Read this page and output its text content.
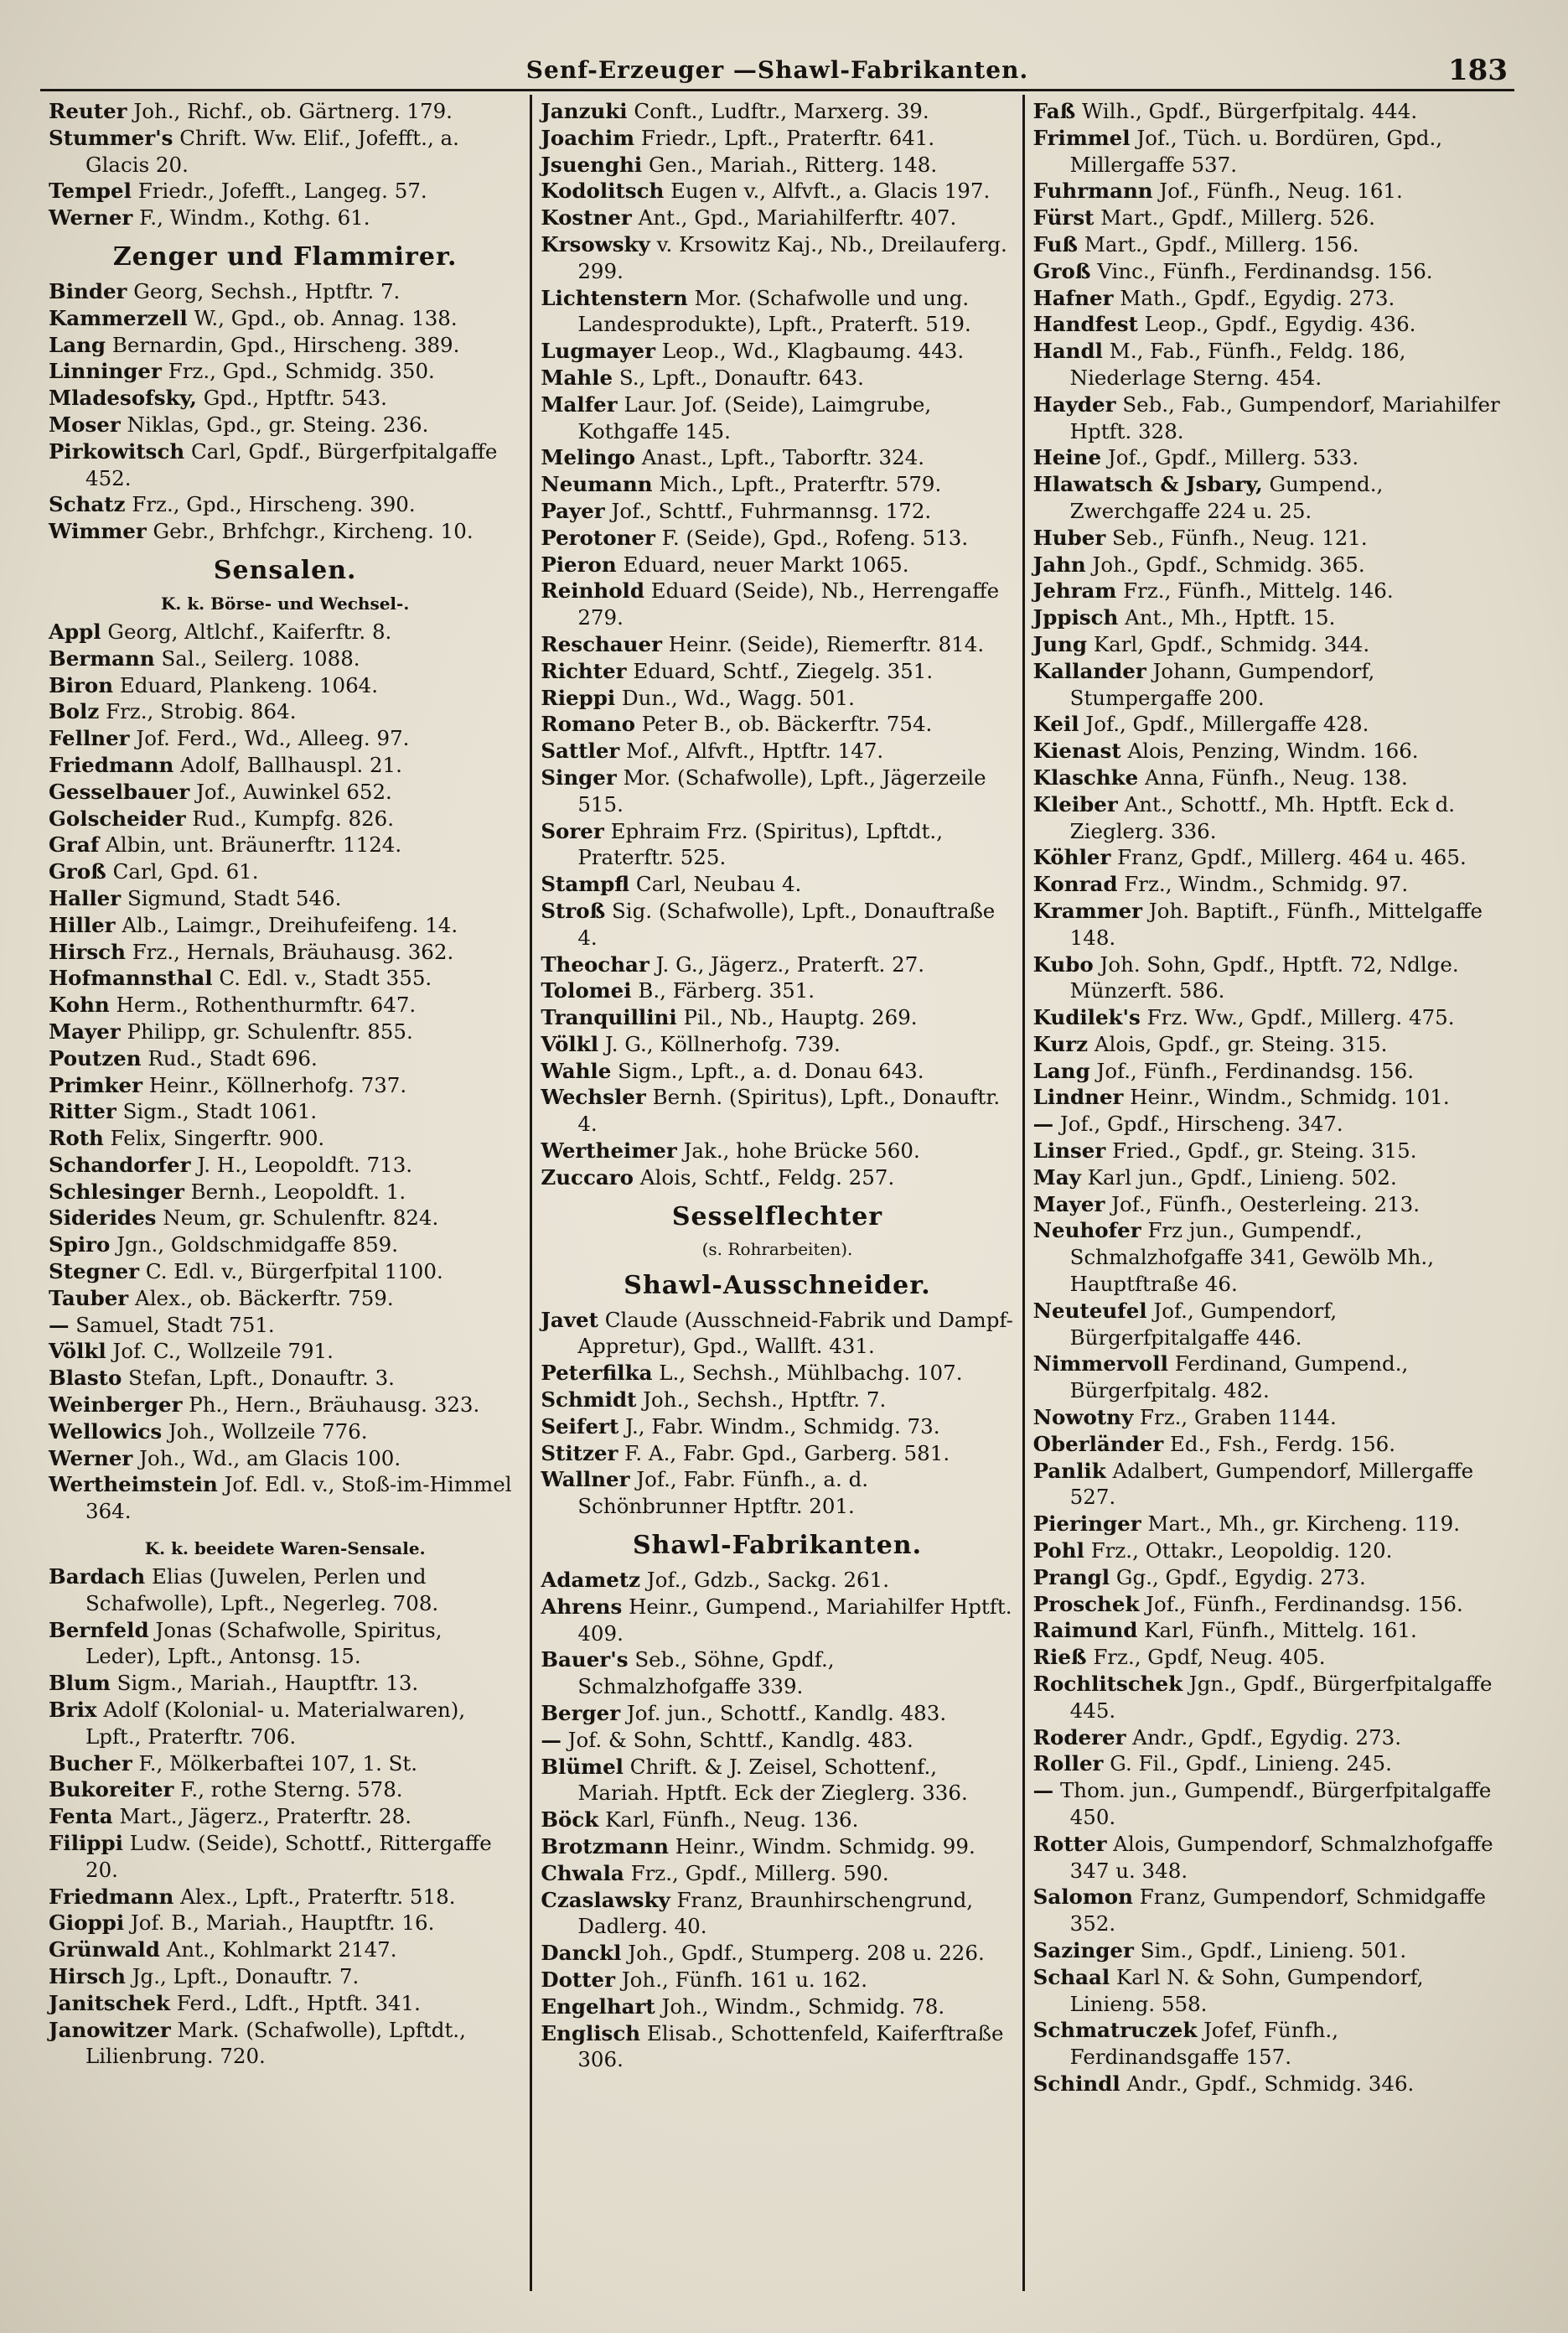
Senf-Erzeuger —Shawl-Fabrikanten.	183
Reuter Joh., Richf., ob. Gärtnerg. 179.
Stummer's Chrift. Ww. Elif., Jofefft., a. Glacis 20.
Tempel Friedr., Jofefft., Langeg. 57.
Werner F., Windm., Kothg. 61.
Zenger und Flammirer.
Binder Georg, Sechsh., Hptftr. 7.
Kammerzell W., Gpd., ob. Annag. 138.
Lang Bernardin, Gpd., Hirscheng. 389.
Linninger Frz., Gpd., Schmidg. 350.
Mladesofsky, Gpd., Hptftr. 543.
Moser Niklas, Gpd., gr. Steing. 236.
Pirkowitsch Carl, Gpdf., Bürgerfpitalgaffe 452.
Schatz Frz., Gpd., Hirscheng. 390.
Wimmer Gebr., Brhfchgr., Kircheng. 10.
Sensalen.
K. k. Börse- und Wechsel-.
Appl Georg, Altlchf., Kaiferftr. 8.
Bermann Sal., Seilerg. 1088.
Biron Eduard, Plankeng. 1064.
Bolz Frz., Strobig. 864.
Fellner Jof. Ferd., Wd., Alleeg. 97.
Friedmann Adolf, Ballhauspl. 21.
Gesselbauer Jof., Auwinkel 652.
Golscheider Rud., Kumpfg. 826.
Graf Albin, unt. Bräunerftr. 1124.
Groß Carl, Gpd. 61.
Haller Sigmund, Stadt 546.
Hiller Alb., Laimgr., Dreihufeifeng. 14.
Hirsch Frz., Hernals, Bräuhausg. 362.
Hofmannsthal C. Edl. v., Stadt 355.
Kohn Herm., Rothenthurmftr. 647.
Mayer Philipp, gr. Schulenftr. 855.
Poutzen Rud., Stadt 696.
Primker Heinr., Köllnerhofg. 737.
Ritter Sigm., Stadt 1061.
Roth Felix, Singerftr. 900.
Schandorfer J. H., Leopoldft. 713.
Schlesinger Bernh., Leopoldft. 1.
Siderides Neum, gr. Schulenftr. 824.
Spiro Jgn., Goldschmidgaffe 859.
Stegner C. Edl. v., Bürgerfpital 1100.
Tauber Alex., ob. Bäckerftr. 759.
— Samuel, Stadt 751.
Völkl Jof. C., Wollzeile 791.
Blasto Stefan, Lpft., Donauftr. 3.
Weinberger Ph., Hern., Bräuhausg. 323.
Wellowics Joh., Wollzeile 776.
Werner Joh., Wd., am Glacis 100.
Wertheimstein Jof. Edl. v., Stoß-im-Himmel 364.
K. k. beeidete Waren-Sensale.
Bardach Elias (Juwelen, Perlen und Schafwolle), Lpft., Negerleg. 708.
Bernfeld Jonas (Schafwolle, Spiritus, Leder), Lpft., Antonsg. 15.
Blum Sigm., Mariah., Hauptftr. 13.
Brix Adolf (Kolonial- u. Materialwaren), Lpft., Praterftr. 706.
Bucher F., Mölkerbaftei 107, 1. St.
Bukoreiter F., rothe Sterng. 578.
Fenta Mart., Jägerz., Praterftr. 28.
Filippi Ludw. (Seide), Schottf., Rittergaffe 20.
Friedmann Alex., Lpft., Praterftr. 518.
Gioppi Jof. B., Mariah., Hauptftr. 16.
Grünwald Ant., Kohlmarkt 2147.
Hirsch Jg., Lpft., Donauftr. 7.
Janitschek Ferd., Ldft., Hptft. 341.
Janowitzer Mark. (Schafwolle), Lpftdt., Lilienbrung. 720.
Janzuki Conft., Ludftr., Marxerg. 39.
Joachim Friedr., Lpft., Praterftr. 641.
Jsuenghi Gen., Mariah., Ritterg. 148.
Kodolitsch Eugen v., Alfvft., a. Glacis 197.
Kostner Ant., Gpd., Mariahilferftr. 407.
Krsowsky v. Krsowitz Kaj., Nb., Dreilauferg. 299.
Lichtenstern Mor. (Schafwolle und ung. Landesprodukte), Lpft., Praterft. 519.
Lugmayer Leop., Wd., Klagbaumg. 443.
Mahle S., Lpft., Donauftr. 643.
Malfer Laur. Jof. (Seide), Laimgrube, Kothgaffe 145.
Melingo Anast., Lpft., Taborftr. 324.
Neumann Mich., Lpft., Praterftr. 579.
Payer Jof., Schttf., Fuhrmannsg. 172.
Perotoner F. (Seide), Gpd., Rofeng. 513.
Pieron Eduard, neuer Markt 1065.
Reinhold Eduard (Seide), Nb., Herrengaffe 279.
Reschauer Heinr. (Seide), Riemerftr. 814.
Richter Eduard, Schtf., Ziegelg. 351.
Rieppi Dun., Wd., Wagg. 501.
Romano Peter B., ob. Bäckerftr. 754.
Sattler Mof., Alfvft., Hptftr. 147.
Singer Mor. (Schafwolle), Lpft., Jägerzeile 515.
Sorer Ephraim Frz. (Spiritus), Lpftdt., Praterftr. 525.
Stampfl Carl, Neubau 4.
Stroß Sig. (Schafwolle), Lpft., Donauftraße 4.
Theochar J. G., Jägerz., Praterft. 27.
Tolomei B., Färberg. 351.
Tranquillini Pil., Nb., Hauptg. 269.
Völkl J. G., Köllnerhofg. 739.
Wahle Sigm., Lpft., a. d. Donau 643.
Wechsler Bernh. (Spiritus), Lpft., Donauftr. 4.
Wertheimer Jak., hohe Brücke 560.
Zuccaro Alois, Schtf., Feldg. 257.
Sesselflechter
(s. Rohrarbeiten).
Shawl-Ausschneider.
Javet Claude (Ausschneid-Fabrik und Dampf-Appretur), Gpd., Wallft. 431.
Peterfilka L., Sechsh., Mühlbachg. 107.
Schmidt Joh., Sechsh., Hptftr. 7.
Seifert J., Fabr. Windm., Schmidg. 73.
Stitzer F. A., Fabr. Gpd., Garberg. 581.
Wallner Jof., Fabr. Fünfh., a. d. Schönbrunner Hptftr. 201.
Shawl-Fabrikanten.
Adametz Jof., Gdzb., Sackg. 261.
Ahrens Heinr., Gumpend., Mariahilfer Hptft. 409.
Bauer's Seb., Söhne, Gpdf., Schmalzhofgaffe 339.
Berger Jof. jun., Schottf., Kandlg. 483.
— Jof. & Sohn, Schttf., Kandlg. 483.
Blümel Chrift. & J. Zeisel, Schottenf., Mariah. Hptft. Eck der Zieglerg. 336.
Böck Karl, Fünfh., Neug. 136.
Brotzmann Heinr., Windm. Schmidg. 99.
Chwala Frz., Gpdf., Millerg. 590.
Czaslawsky Franz, Braunhirschengrund, Dadlerg. 40.
Danckl Joh., Gpdf., Stumperg. 208 u. 226.
Dotter Joh., Fünfh. 161 u. 162.
Engelhart Joh., Windm., Schmidg. 78.
Englisch Elisab., Schottenfeld, Kaiferftraße 306.
Faß Wilh., Gpdf., Bürgerfpitalg. 444.
Frimmel Jof., Tüch. u. Bordüren, Gpd., Millergaffe 537.
Fuhrmann Jof., Fünfh., Neug. 161.
Fürst Mart., Gpdf., Millerg. 526.
Fuß Mart., Gpdf., Millerg. 156.
Groß Vinc., Fünfh., Ferdinandsg. 156.
Hafner Math., Gpdf., Egydig. 273.
Handfest Leop., Gpdf., Egydig. 436.
Handl M., Fab., Fünfh., Feldg. 186, Niederlage Sterng. 454.
Hayder Seb., Fab., Gumpendorf, Mariahilfer Hptft. 328.
Heine Jof., Gpdf., Millerg. 533.
Hlawatsch & Jsbary, Gumpend., Zwerchgaffe 224 u. 25.
Huber Seb., Fünfh., Neug. 121.
Jahn Joh., Gpdf., Schmidg. 365.
Jehram Frz., Fünfh., Mittelg. 146.
Jppisch Ant., Mh., Hptft. 15.
Jung Karl, Gpdf., Schmidg. 344.
Kallander Johann, Gumpendorf, Stumpergaffe 200.
Keil Jof., Gpdf., Millergaffe 428.
Kienast Alois, Penzing, Windm. 166.
Klaschke Anna, Fünfh., Neug. 138.
Kleiber Ant., Schottf., Mh. Hptft. Eck d. Zieglerg. 336.
Köhler Franz, Gpdf., Millerg. 464 u. 465.
Konrad Frz., Windm., Schmidg. 97.
Krammer Joh. Baptift., Fünfh., Mittelgaffe 148.
Kubo Joh. Sohn, Gpdf., Hptft. 72, Ndlge. Münzerft. 586.
Kudilek's Frz. Ww., Gpdf., Millerg. 475.
Kurz Alois, Gpdf., gr. Steing. 315.
Lang Jof., Fünfh., Ferdinandsg. 156.
Lindner Heinr., Windm., Schmidg. 101.
— Jof., Gpdf., Hirscheng. 347.
Linser Fried., Gpdf., gr. Steing. 315.
May Karl jun., Gpdf., Linieng. 502.
Mayer Jof., Fünfh., Oesterleing. 213.
Neuhofer Frz jun., Gumpendf., Schmalzhofgaffe 341, Gewölb Mh., Hauptftraße 46.
Neuteufel Jof., Gumpendorf, Bürgerfpitalgaffe 446.
Nimmervoll Ferdinand, Gumpend., Bürgerfpitalg. 482.
Nowotny Frz., Graben 1144.
Oberländer Ed., Fsh., Ferdg. 156.
Panlik Adalbert, Gumpendorf, Millergaffe 527.
Pieringer Mart., Mh., gr. Kircheng. 119.
Pohl Frz., Ottakr., Leopoldig. 120.
Prangl Gg., Gpdf., Egydig. 273.
Proschek Jof., Fünfh., Ferdinandsg. 156.
Raimund Karl, Fünfh., Mittelg. 161.
Rieß Frz., Gpdf, Neug. 405.
Rochlitschek Jgn., Gpdf., Bürgerfpitalgaffe 445.
Roderer Andr., Gpdf., Egydig. 273.
Roller G. Fil., Gpdf., Linieng. 245.
— Thom. jun., Gumpendf., Bürgerfpitalgaffe 450.
Rotter Alois, Gumpendorf, Schmalzhofgaffe 347 u. 348.
Salomon Franz, Gumpendorf, Schmidgaffe 352.
Sazinger Sim., Gpdf., Linieng. 501.
Schaal Karl N. & Sohn, Gumpendorf, Linieng. 558.
Schmatruczek Jofef, Fünfh., Ferdinandsgaffe 157.
Schindl Andr., Gpdf., Schmidg. 346.
